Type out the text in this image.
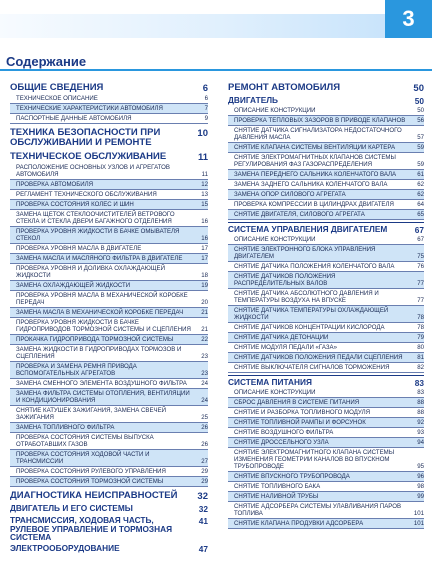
3
Содержание
ОБЩИЕ СВЕДЕНИЯ	6
ТЕХНИЧЕСКОЕ ОПИСАНИЕ	6
ТЕХНИЧЕСКИЕ ХАРАКТЕРИСТИКИ АВТОМОБИЛЯ	7
ПАСПОРТНЫЕ ДАННЫЕ АВТОМОБИЛЯ	9
ТЕХНИКА БЕЗОПАСНОСТИ ПРИ ОБСЛУЖИВАНИИ И РЕМОНТЕ
10
ТЕХНИЧЕСКОЕ ОБСЛУЖИВАНИЕ	11
РАСПОЛОЖЕНИЕ ОСНОВНЫХ УЗЛОВ И АГРЕГАТОВ АВТОМОБИЛЯ	11
ПРОВЕРКА АВТОМОБИЛЯ	12
РЕГЛАМЕНТ ТЕХНИЧЕСКОГО ОБСЛУЖИВАНИЯ	13
ПРОВЕРКА СОСТОЯНИЯ КОЛЕС И ШИН	15
ЗАМЕНА ЩЕТОК СТЕКЛООЧИСТИТЕЛЕЙ ВЕТРОВОГО СТЕКЛА И СТЕКЛА ДВЕРИ БАГАЖНОГО ОТДЕЛЕНИЯ	16
ПРОВЕРКА УРОВНЯ ЖИДКОСТИ В БАЧКЕ ОМЫВАТЕЛЯ СТЕКОЛ	16
ПРОВЕРКА УРОВНЯ МАСЛА В ДВИГАТЕЛЕ	17
ЗАМЕНА МАСЛА И МАСЛЯНОГО ФИЛЬТРА В ДВИГАТЕЛЕ	17
ПРОВЕРКА УРОВНЯ И ДОЛИВКА ОХЛАЖДАЮЩЕЙ ЖИДКОСТИ	18
ЗАМЕНА ОХЛАЖДАЮЩЕЙ ЖИДКОСТИ	19
ПРОВЕРКА УРОВНЯ МАСЛА В МЕХАНИЧЕСКОЙ КОРОБКЕ ПЕРЕДАЧ	20
ЗАМЕНА МАСЛА В МЕХАНИЧЕСКОЙ КОРОБКЕ ПЕРЕДАЧ	21
ПРОВЕРКА УРОВНЯ ЖИДКОСТИ В БАЧКЕ ГИДРОПРИВОДОВ ТОРМОЗНОЙ СИСТЕМЫ И СЦЕПЛЕНИЯ	21
ПРОКАЧКА ГИДРОПРИВОДА ТОРМОЗНОЙ СИСТЕМЫ	22
ЗАМЕНА ЖИДКОСТИ В ГИДРОПРИВОДАХ ТОРМОЗОВ И СЦЕПЛЕНИЯ	23
ПРОВЕРКА И ЗАМЕНА РЕМНЯ ПРИВОДА ВСПОМОГАТЕЛЬНЫХ АГРЕГАТОВ	23
ЗАМЕНА СМЕННОГО ЭЛЕМЕНТА ВОЗДУШНОГО ФИЛЬТРА	24
ЗАМЕНА ФИЛЬТРА СИСТЕМЫ ОТОПЛЕНИЯ, ВЕНТИЛЯЦИИ И КОНДИЦИОНИРОВАНИЯ	24
СНЯТИЕ КАТУШЕК ЗАЖИГАНИЯ, ЗАМЕНА СВЕЧЕЙ ЗАЖИГАНИЯ	25
ЗАМЕНА ТОПЛИВНОГО ФИЛЬТРА	26
ПРОВЕРКА СОСТОЯНИЯ СИСТЕМЫ ВЫПУСКА ОТРАБОТАВШИХ ГАЗОВ	26
ПРОВЕРКА СОСТОЯНИЯ ХОДОВОЙ ЧАСТИ И ТРАНСМИССИИ	27
ПРОВЕРКА СОСТОЯНИЯ РУЛЕВОГО УПРАВЛЕНИЯ	29
ПРОВЕРКА СОСТОЯНИЯ ТОРМОЗНОЙ СИСТЕМЫ	29
ДИАГНОСТИКА НЕИСПРАВНОСТЕЙ	32
ДВИГАТЕЛЬ И ЕГО СИСТЕМЫ	32
ТРАНСМИССИЯ, ХОДОВАЯ ЧАСТЬ, РУЛЕВОЕ УПРАВЛЕНИЕ И ТОРМОЗНАЯ СИСТЕМА
41
ЭЛЕКТРООБОРУДОВАНИЕ	47
РЕМОНТ АВТОМОБИЛЯ	50
ДВИГАТЕЛЬ	50
ОПИСАНИЕ КОНСТРУКЦИИ	50
ПРОВЕРКА ТЕПЛОВЫХ ЗАЗОРОВ В ПРИВОДЕ КЛАПАНОВ	56
СНЯТИЕ ДАТЧИКА СИГНАЛИЗАТОРА НЕДОСТАТОЧНОГО ДАВЛЕНИЯ МАСЛА	57
СНЯТИЕ КЛАПАНА СИСТЕМЫ ВЕНТИЛЯЦИИ КАРТЕРА	59
СНЯТИЕ ЭЛЕКТРОМАГНИТНЫХ КЛАПАНОВ СИСТЕМЫ РЕГУЛИРОВАНИЯ ФАЗ ГАЗОРАСПРЕДЕЛЕНИЯ	59
ЗАМЕНА ПЕРЕДНЕГО САЛЬНИКА КОЛЕНЧАТОГО ВАЛА	61
ЗАМЕНА ЗАДНЕГО САЛЬНИКА КОЛЕНЧАТОГО ВАЛА	62
ЗАМЕНА ОПОР СИЛОВОГО АГРЕГАТА	62
ПРОВЕРКА КОМПРЕССИИ В ЦИЛИНДРАХ ДВИГАТЕЛЯ	64
СНЯТИЕ ДВИГАТЕЛЯ, СИЛОВОГО АГРЕГАТА	65
СИСТЕМА УПРАВЛЕНИЯ ДВИГАТЕЛЕМ	67
ОПИСАНИЕ КОНСТРУКЦИИ	67
СНЯТИЕ ЭЛЕКТРОННОГО БЛОКА УПРАВЛЕНИЯ ДВИГАТЕЛЕМ	75
СНЯТИЕ ДАТЧИКА ПОЛОЖЕНИЯ КОЛЕНЧАТОГО ВАЛА	76
СНЯТИЕ ДАТЧИКОВ ПОЛОЖЕНИЯ РАСПРЕДЕЛИТЕЛЬНЫХ ВАЛОВ	77
СНЯТИЕ ДАТЧИКА АБСОЛЮТНОГО ДАВЛЕНИЯ И ТЕМПЕРАТУРЫ ВОЗДУХА НА ВПУСКЕ	77
СНЯТИЕ ДАТЧИКА ТЕМПЕРАТУРЫ ОХЛАЖДАЮЩЕЙ ЖИДКОСТИ	78
СНЯТИЕ ДАТЧИКОВ КОНЦЕНТРАЦИИ КИСЛОРОДА	78
СНЯТИЕ ДАТЧИКА ДЕТОНАЦИИ	79
СНЯТИЕ МОДУЛЯ ПЕДАЛИ «ГАЗА»	80
СНЯТИЕ ДАТЧИКОВ ПОЛОЖЕНИЯ ПЕДАЛИ СЦЕПЛЕНИЯ	81
СНЯТИЕ ВЫКЛЮЧАТЕЛЯ СИГНАЛОВ ТОРМОЖЕНИЯ	82
СИСТЕМА ПИТАНИЯ	83
ОПИСАНИЕ КОНСТРУКЦИИ	83
СБРОС ДАВЛЕНИЯ В СИСТЕМЕ ПИТАНИЯ	88
СНЯТИЕ И РАЗБОРКА ТОПЛИВНОГО МОДУЛЯ	88
СНЯТИЕ ТОПЛИВНОЙ РАМПЫ И ФОРСУНОК	92
СНЯТИЕ ВОЗДУШНОГО ФИЛЬТРА	93
СНЯТИЕ ДРОССЕЛЬНОГО УЗЛА	94
СНЯТИЕ ЭЛЕКТРОМАГНИТНОГО КЛАПАНА СИСТЕМЫ ИЗМЕНЕНИЯ ГЕОМЕТРИИ КАНАЛОВ ВО ВПУСКНОМ ТРУБОПРОВОДЕ	95
СНЯТИЕ ВПУСКНОГО ТРУБОПРОВОДА	96
СНЯТИЕ ТОПЛИВНОГО БАКА	98
СНЯТИЕ НАЛИВНОЙ ТРУБЫ	99
СНЯТИЕ АДСОРБЕРА СИСТЕМЫ УЛАВЛИВАНИЯ ПАРОВ ТОПЛИВА	101
СНЯТИЕ КЛАПАНА ПРОДУВКИ АДСОРБЕРА	101
